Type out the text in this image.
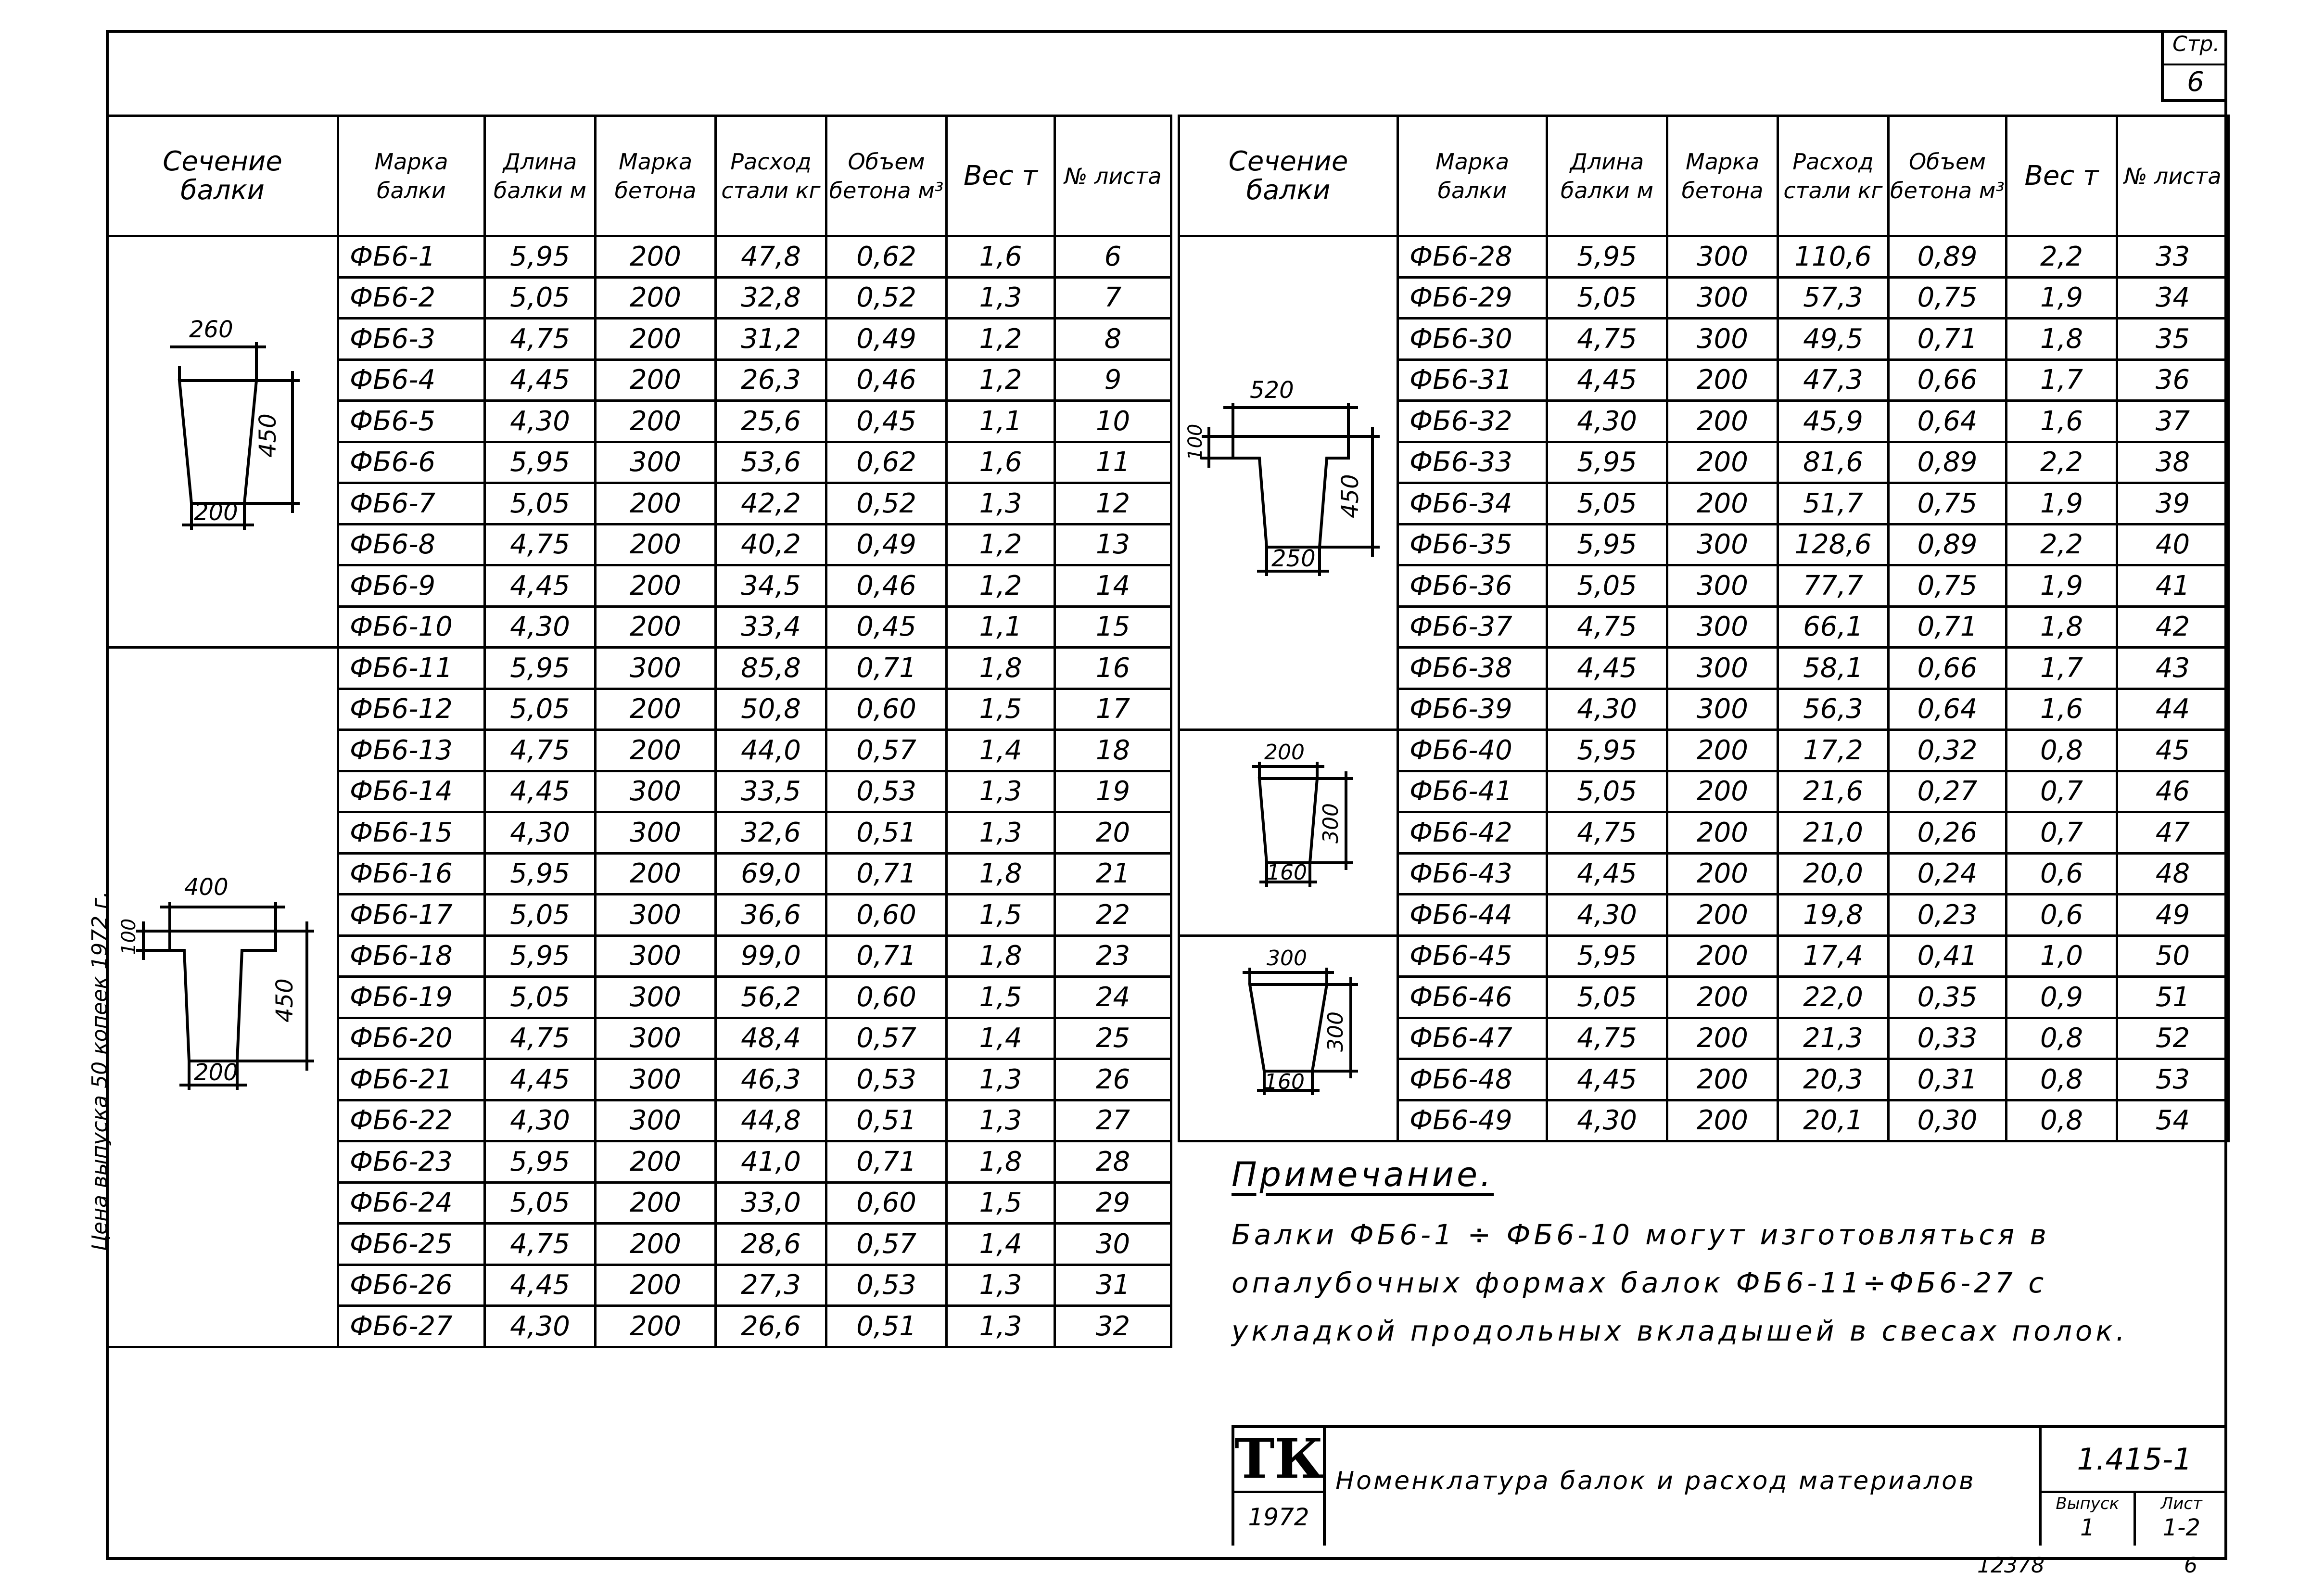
Стр.
6
Цена выпуска 50 копеек 1972 г.
Сечение балки	Марка балки	Длина балки м	Марка бетона	Расход стали кг	Объем бетона м³	Вес т	№ листа

260
200
450	ФБ6-1	5,95	200	47,8	0,62	1,6	6
	ФБ6-2	5,05	200	32,8	0,52	1,3	7
	ФБ6-3	4,75	200	31,2	0,49	1,2	8
	ФБ6-4	4,45	200	26,3	0,46	1,2	9
	ФБ6-5	4,30	200	25,6	0,45	1,1	10
	ФБ6-6	5,95	300	53,6	0,62	1,6	11
	ФБ6-7	5,05	200	42,2	0,52	1,3	12
	ФБ6-8	4,75	200	40,2	0,49	1,2	13
	ФБ6-9	4,45	200	34,5	0,46	1,2	14
	ФБ6-10	4,30	200	33,4	0,45	1,1	15

400
200
450
100	ФБ6-11	5,95	300	85,8	0,71	1,8	16
	ФБ6-12	5,05	200	50,8	0,60	1,5	17
	ФБ6-13	4,75	200	44,0	0,57	1,4	18
	ФБ6-14	4,45	300	33,5	0,53	1,3	19
	ФБ6-15	4,30	300	32,6	0,51	1,3	20
	ФБ6-16	5,95	200	69,0	0,71	1,8	21
	ФБ6-17	5,05	300	36,6	0,60	1,5	22
	ФБ6-18	5,95	300	99,0	0,71	1,8	23
	ФБ6-19	5,05	300	56,2	0,60	1,5	24
	ФБ6-20	4,75	300	48,4	0,57	1,4	25
	ФБ6-21	4,45	300	46,3	0,53	1,3	26
	ФБ6-22	4,30	300	44,8	0,51	1,3	27
	ФБ6-23	5,95	200	41,0	0,71	1,8	28
	ФБ6-24	5,05	200	33,0	0,60	1,5	29
	ФБ6-25	4,75	200	28,6	0,57	1,4	30
	ФБ6-26	4,45	200	27,3	0,53	1,3	31
	ФБ6-27	4,30	200	26,6	0,51	1,3	32
Сечение балки	Марка балки	Длина балки м	Марка бетона	Расход стали кг	Объем бетона м³	Вес т	№ листа

520
250
450
100	ФБ6-28	5,95	300	110,6	0,89	2,2	33
	ФБ6-29	5,05	300	57,3	0,75	1,9	34
	ФБ6-30	4,75	300	49,5	0,71	1,8	35
	ФБ6-31	4,45	200	47,3	0,66	1,7	36
	ФБ6-32	4,30	200	45,9	0,64	1,6	37
	ФБ6-33	5,95	200	81,6	0,89	2,2	38
	ФБ6-34	5,05	200	51,7	0,75	1,9	39
	ФБ6-35	5,95	300	128,6	0,89	2,2	40
	ФБ6-36	5,05	300	77,7	0,75	1,9	41
	ФБ6-37	4,75	300	66,1	0,71	1,8	42
	ФБ6-38	4,45	300	58,1	0,66	1,7	43
	ФБ6-39	4,30	300	56,3	0,64	1,6	44

200
160
300	ФБ6-40	5,95	200	17,2	0,32	0,8	45
	ФБ6-41	5,05	200	21,6	0,27	0,7	46
	ФБ6-42	4,75	200	21,0	0,26	0,7	47
	ФБ6-43	4,45	200	20,0	0,24	0,6	48
	ФБ6-44	4,30	200	19,8	0,23	0,6	49

300
160
300	ФБ6-45	5,95	200	17,4	0,41	1,0	50
	ФБ6-46	5,05	200	22,0	0,35	0,9	51
	ФБ6-47	4,75	200	21,3	0,33	0,8	52
	ФБ6-48	4,45	200	20,3	0,31	0,8	53
	ФБ6-49	4,30	200	20,1	0,30	0,8	54
Примечание.
Балки ФБ6-1 ÷ ФБ6-10 могут изготовляться в
опалубочных формах балок ФБ6-11÷ФБ6-27 с
укладкой продольных вкладышей в свесах полок.
ТК
1972
Номенклатура балок и расход материалов
1.415-1
Выпуск
1
Лист
1-2
12378	6
